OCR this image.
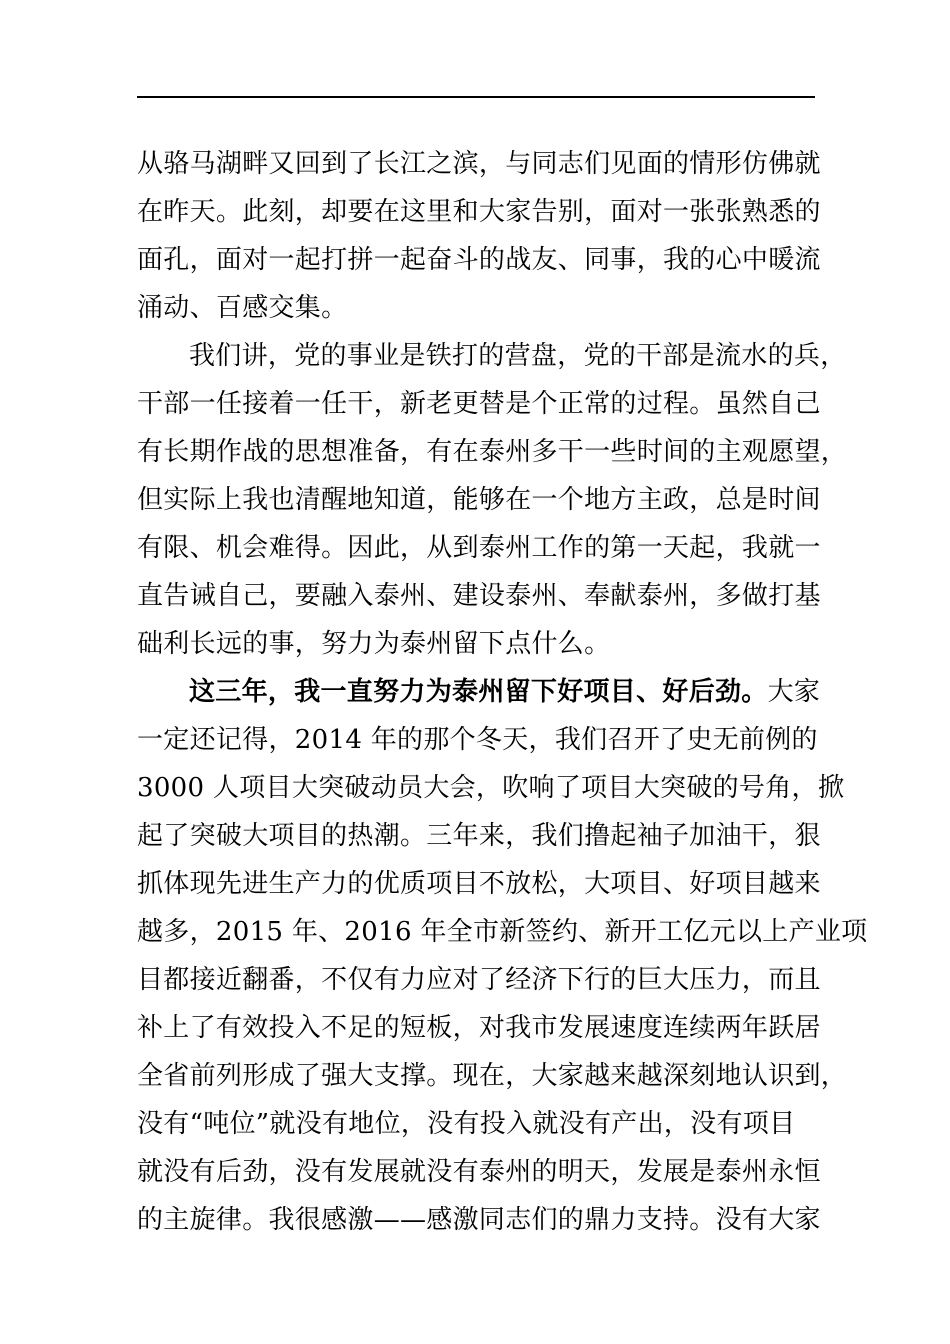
从骆马湖畔又回到了长江之滨，与同志们见面的情形仿佛就
在昨天。此刻，却要在这里和大家告别，面对一张张熟悉的
面孔，面对一起打拼一起奋斗的战友、同事，我的心中暖流
涌动、百感交集。
我们讲，党的事业是铁打的营盘，党的干部是流水的兵，
干部一任接着一任干，新老更替是个正常的过程。虽然自己
有长期作战的思想准备，有在泰州多干一些时间的主观愿望，
但实际上我也清醒地知道，能够在一个地方主政，总是时间
有限、机会难得。因此，从到泰州工作的第一天起，我就一
直告诫自己，要融入泰州、建设泰州、奉献泰州，多做打基
础利长远的事，努力为泰州留下点什么。
这三年，我一直努力为泰州留下好项目、好后劲。大家
一定还记得，2014 年的那个冬天，我们召开了史无前例的
3000 人项目大突破动员大会，吹响了项目大突破的号角，掀
起了突破大项目的热潮。三年来，我们撸起袖子加油干，狠
抓体现先进生产力的优质项目不放松，大项目、好项目越来
越多，2015 年、2016 年全市新签约、新开工亿元以上产业项
目都接近翻番，不仅有力应对了经济下行的巨大压力，而且
补上了有效投入不足的短板，对我市发展速度连续两年跃居
全省前列形成了强大支撑。现在，大家越来越深刻地认识到，
没有“吨位”就没有地位，没有投入就没有产出，没有项目
就没有后劲，没有发展就没有泰州的明天，发展是泰州永恒
的主旋律。我很感激——感激同志们的鼎力支持。没有大家
